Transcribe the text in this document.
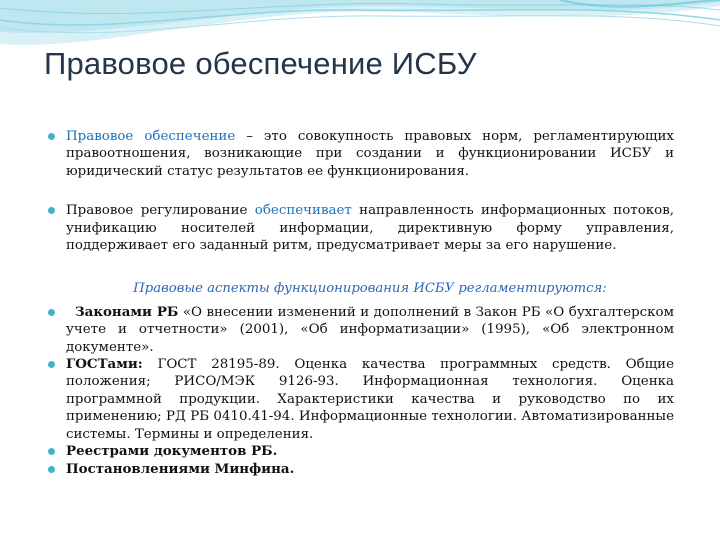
Правовое обеспечение ИСБУ

Правовое обеспечение – это совокупность правовых норм, регламентирующих правоотношения, возникающие при создании и функционировании ИСБУ и юридический статус результатов ее функционирования.

Правовое регулирование обеспечивает направленность информационных потоков, унификацию носителей информации, директивную форму управления, поддерживает его заданный ритм, предусматривает меры за его нарушение.

Правовые аспекты функционирования ИСБУ регламентируются:

Законами РБ «О внесении изменений и дополнений в Закон РБ «О бухгалтерском учете и отчетности» (2001), «Об информатизации» (1995), «Об электронном документе».

ГОСТами: ГОСТ 28195-89. Оценка качества программных средств. Общие положения; РИСО/МЭК 9126-93. Информационная технология. Оценка программной продукции. Характеристики качества и руководство по их применению; РД РБ 0410.41-94. Информационные технологии. Автоматизированные системы. Термины и определения.

Реестрами документов РБ.

Постановлениями Минфина.
